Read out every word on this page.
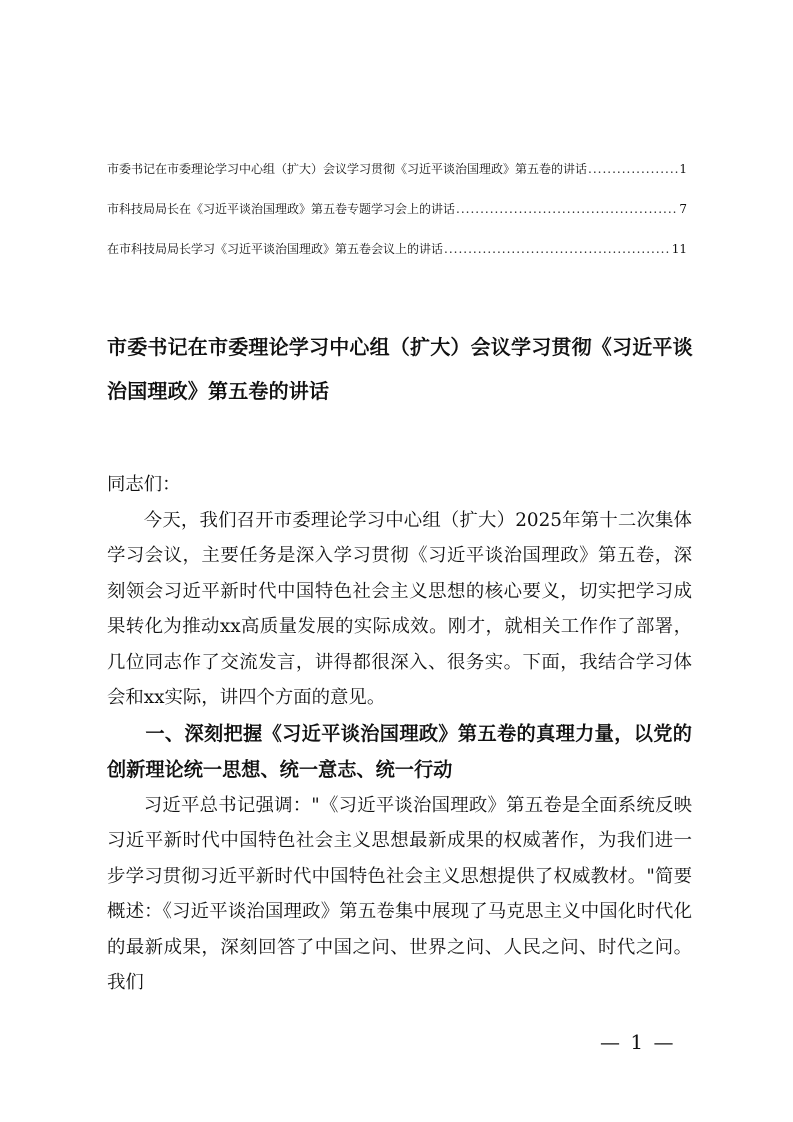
市委书记在市委理论学习中心组（扩大）会议学习贯彻《习近平谈治国理政》第五卷的讲话 .....	1
市科技局局长在《习近平谈治国理政》第五卷专题学习会上的讲话 .....	7
在市科技局局长学习《习近平谈治国理政》第五卷会议上的讲话 .....	11
市委书记在市委理论学习中心组（扩大）会议学习贯彻《习近平谈治国理政》第五卷的讲话

同志们：

今天，我们召开市委理论学习中心组（扩大）2025年第十二次集体学习会议，主要任务是深入学习贯彻《习近平谈治国理政》第五卷，深刻领会习近平新时代中国特色社会主义思想的核心要义，切实把学习成果转化为推动xx高质量发展的实际成效。刚才，就相关工作作了部署，几位同志作了交流发言，讲得都很深入、很务实。下面，我结合学习体会和xx实际，讲四个方面的意见。

一、深刻把握《习近平谈治国理政》第五卷的真理力量，以党的创新理论统一思想、统一意志、统一行动

习近平总书记强调："《习近平谈治国理政》第五卷是全面系统反映习近平新时代中国特色社会主义思想最新成果的权威著作，为我们进一步学习贯彻习近平新时代中国特色社会主义思想提供了权威教材。"简要概述：《习近平谈治国理政》第五卷集中展现了马克思主义中国化时代化的最新成果，深刻回答了中国之问、世界之问、人民之问、时代之问。我们

— 1 —
